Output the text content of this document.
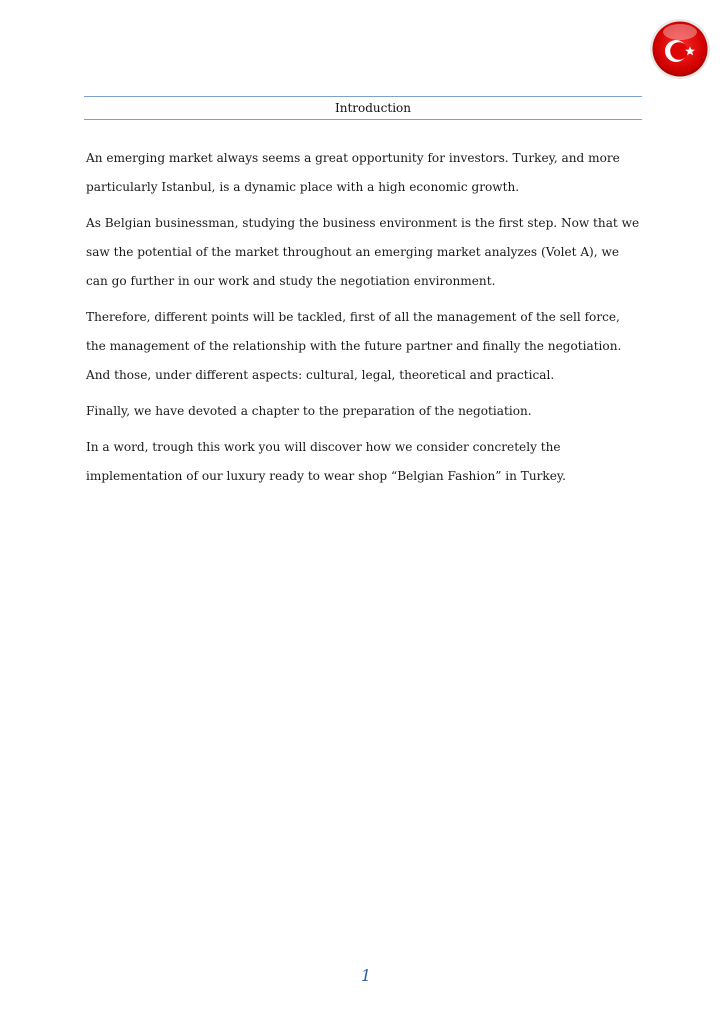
Introduction

An emerging market always seems a great opportunity for investors. Turkey, and more particularly Istanbul, is a dynamic place with a high economic growth.

As Belgian businessman, studying the business environment is the first step. Now that we saw the potential of the market throughout an emerging market analyzes (Volet A), we can go further in our work and study the negotiation environment.

Therefore, different points will be tackled, first of all the management of the sell force, the management of the relationship with the future partner and finally the negotiation. And those, under different aspects: cultural, legal, theoretical and practical.

Finally, we have devoted a chapter to the preparation of the negotiation.

In a word, trough this work you will discover how we consider concretely the implementation of our luxury ready to wear shop “Belgian Fashion” in Turkey.

1
